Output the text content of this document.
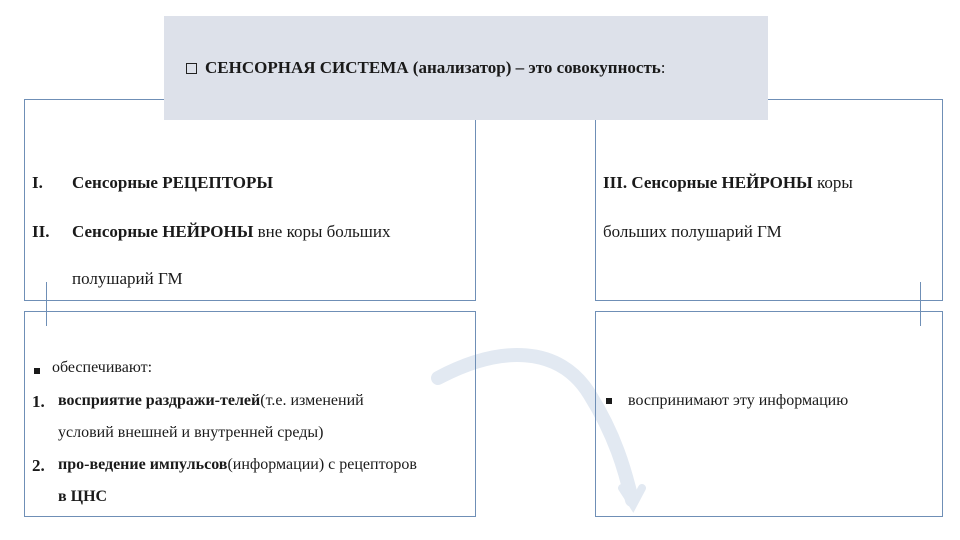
СЕНСОРНАЯ СИСТЕМА (анализатор) – это совокупность:
I. Сенсорные РЕЦЕПТОРЫ
II. Сенсорные НЕЙРОНЫ вне коры больших
полушарий ГМ
III. Сенсорные НЕЙРОНЫ коры
больших полушарий ГМ
обеспечивают:
1. восприятие раздражи-телей(т.е. изменений
условий внешней и внутренней среды)
2. про-ведение импульсов(информации) с рецепторов
в ЦНС
воспринимают эту информацию
